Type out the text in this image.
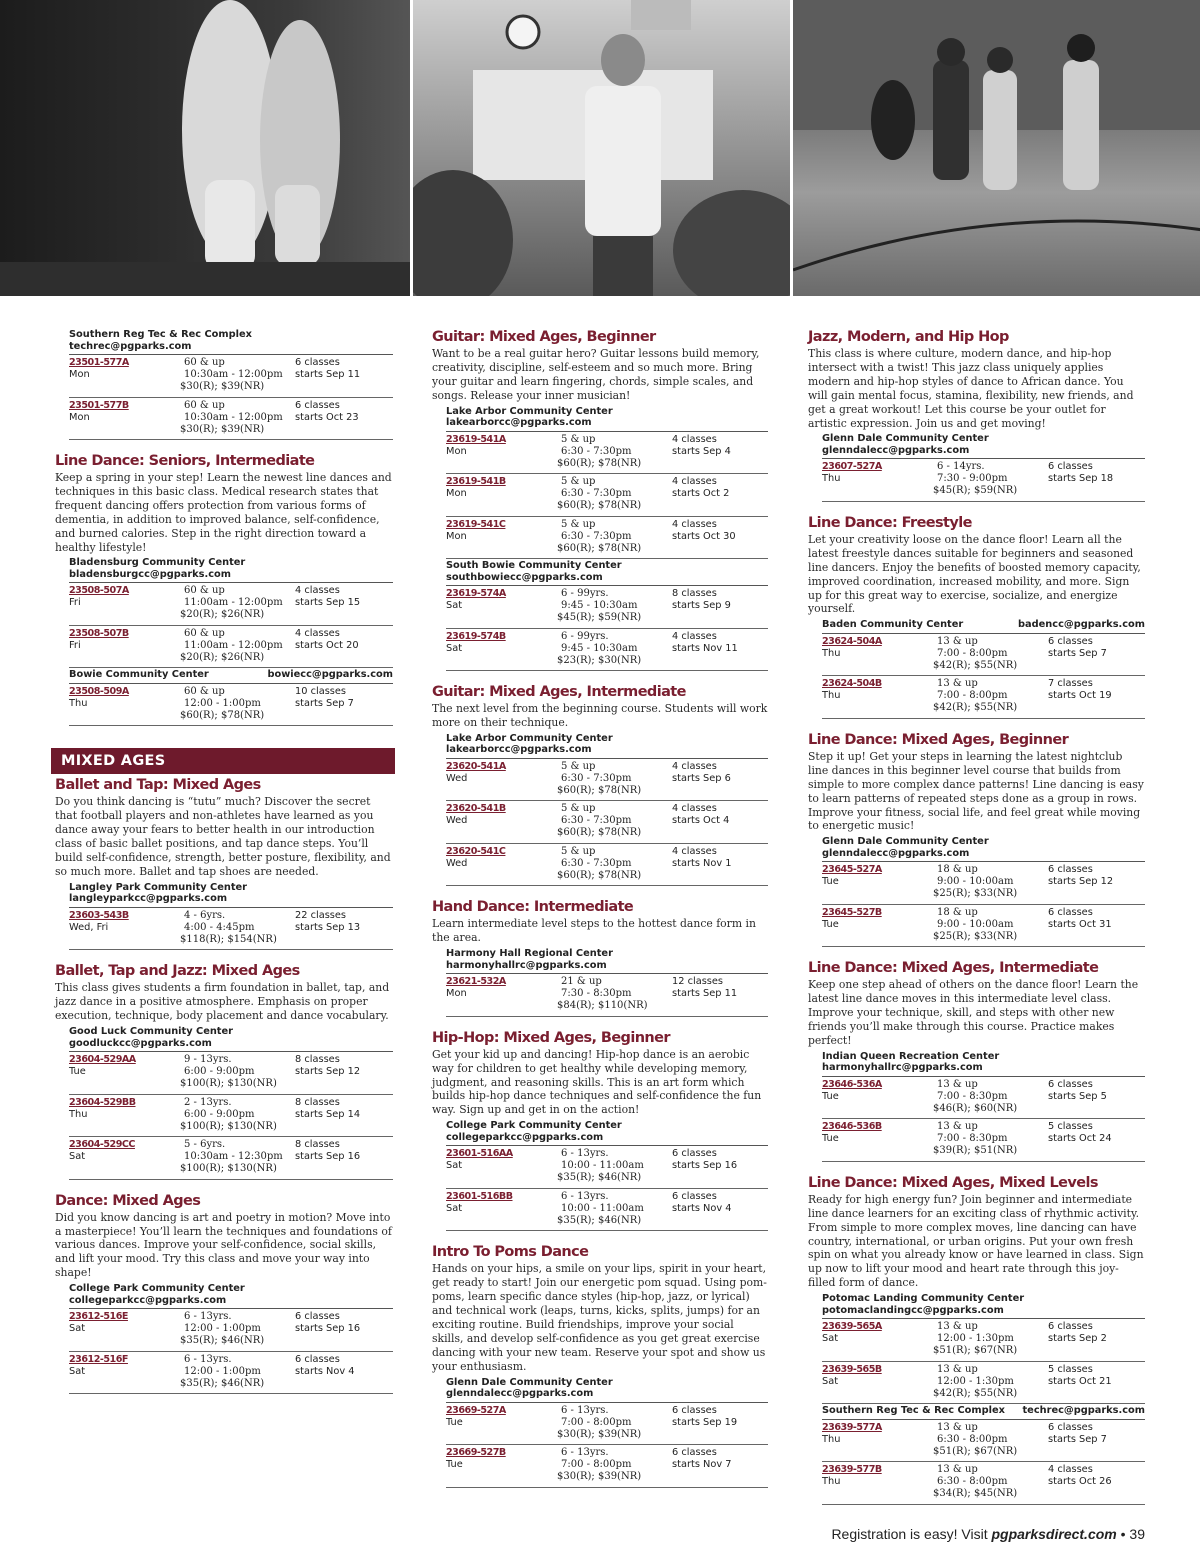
Southern Reg Tec & Rec Complex
techrec@pgparks.com
23501-577A
Mon
60 & up
10:30am - 12:00pm
$30(R); $39(NR)
6 classes
starts Sep 11
23501-577B
Mon
60 & up
10:30am - 12:00pm
$30(R); $39(NR)
6 classes
starts Oct 23
Line Dance: Seniors, Intermediate

Keep a spring in your step! Learn the newest line dances and techniques in this basic class. Medical research states that frequent dancing offers protection from various forms of dementia, in addition to improved balance, self-confidence, and burned calories. Step in the right direction toward a healthy lifestyle!

Bladensburg Community Center
bladensburgcc@pgparks.com
23508-507A
Fri
60 & up
11:00am - 12:00pm
$20(R); $26(NR)
4 classes
starts Sep 15
23508-507B
Fri
60 & up
11:00am - 12:00pm
$20(R); $26(NR)
4 classes
starts Oct 20
Bowie Community Center	bowiecc@pgparks.com
23508-509A
Thu
60 & up
12:00 - 1:00pm
$60(R); $78(NR)
10 classes
starts Sep 7
MIXED AGES
Ballet and Tap: Mixed Ages

Do you think dancing is “tutu” much? Discover the secret that football players and non-athletes have learned as you dance away your fears to better health in our introduction class of basic ballet positions, and tap dance steps. You’ll build self-confidence, strength, better posture, flexibility, and so much more. Ballet and tap shoes are needed.

Langley Park Community Center
langleyparkcc@pgparks.com
23603-543B
Wed, Fri
4 - 6yrs.
4:00 - 4:45pm
$118(R); $154(NR)
22 classes
starts Sep 13
Ballet, Tap and Jazz: Mixed Ages

This class gives students a firm foundation in ballet, tap, and jazz dance in a positive atmosphere. Emphasis on proper execution, technique, body placement and dance vocabulary.

Good Luck Community Center
goodluckcc@pgparks.com
23604-529AA
Tue
9 - 13yrs.
6:00 - 9:00pm
$100(R); $130(NR)
8 classes
starts Sep 12
23604-529BB
Thu
2 - 13yrs.
6:00 - 9:00pm
$100(R); $130(NR)
8 classes
starts Sep 14
23604-529CC
Sat
5 - 6yrs.
10:30am - 12:30pm
$100(R); $130(NR)
8 classes
starts Sep 16
Dance: Mixed Ages

Did you know dancing is art and poetry in motion? Move into a masterpiece! You’ll learn the techniques and foundations of various dances. Improve your self-confidence, social skills, and lift your mood. Try this class and move your way into shape!

College Park Community Center
collegeparkcc@pgparks.com
23612-516E
Sat
6 - 13yrs.
12:00 - 1:00pm
$35(R); $46(NR)
6 classes
starts Sep 16
23612-516F
Sat
6 - 13yrs.
12:00 - 1:00pm
$35(R); $46(NR)
6 classes
starts Nov 4
Guitar: Mixed Ages, Beginner

Want to be a real guitar hero? Guitar lessons build memory, creativity, discipline, self-esteem and so much more. Bring your guitar and learn fingering, chords, simple scales, and songs. Release your inner musician!

Lake Arbor Community Center
lakearborcc@pgparks.com
23619-541A
Mon
5 & up
6:30 - 7:30pm
$60(R); $78(NR)
4 classes
starts Sep 4
23619-541B
Mon
5 & up
6:30 - 7:30pm
$60(R); $78(NR)
4 classes
starts Oct 2
23619-541C
Mon
5 & up
6:30 - 7:30pm
$60(R); $78(NR)
4 classes
starts Oct 30
South Bowie Community Center
southbowiecc@pgparks.com
23619-574A
Sat
6 - 99yrs.
9:45 - 10:30am
$45(R); $59(NR)
8 classes
starts Sep 9
23619-574B
Sat
6 - 99yrs.
9:45 - 10:30am
$23(R); $30(NR)
4 classes
starts Nov 11
Guitar: Mixed Ages, Intermediate

The next level from the beginning course. Students will work more on their technique.

Lake Arbor Community Center
lakearborcc@pgparks.com
23620-541A
Wed
5 & up
6:30 - 7:30pm
$60(R); $78(NR)
4 classes
starts Sep 6
23620-541B
Wed
5 & up
6:30 - 7:30pm
$60(R); $78(NR)
4 classes
starts Oct 4
23620-541C
Wed
5 & up
6:30 - 7:30pm
$60(R); $78(NR)
4 classes
starts Nov 1
Hand Dance: Intermediate

Learn intermediate level steps to the hottest dance form in the area.

Harmony Hall Regional Center
harmonyhallrc@pgparks.com
23621-532A
Mon
21 & up
7:30 - 8:30pm
$84(R); $110(NR)
12 classes
starts Sep 11
Hip-Hop: Mixed Ages, Beginner

Get your kid up and dancing! Hip-hop dance is an aerobic way for children to get healthy while developing memory, judgment, and reasoning skills. This is an art form which builds hip-hop dance techniques and self-confidence the fun way. Sign up and get in on the action!

College Park Community Center
collegeparkcc@pgparks.com
23601-516AA
Sat
6 - 13yrs.
10:00 - 11:00am
$35(R); $46(NR)
6 classes
starts Sep 16
23601-516BB
Sat
6 - 13yrs.
10:00 - 11:00am
$35(R); $46(NR)
6 classes
starts Nov 4
Intro To Poms Dance

Hands on your hips, a smile on your lips, spirit in your heart, get ready to start! Join our energetic pom squad. Using pom-poms, learn specific dance styles (hip-hop, jazz, or lyrical) and technical work (leaps, turns, kicks, splits, jumps) for an exciting routine. Build friendships, improve your social skills, and develop self-confidence as you get great exercise dancing with your new team. Reserve your spot and show us your enthusiasm.

Glenn Dale Community Center
glenndalecc@pgparks.com
23669-527A
Tue
6 - 13yrs.
7:00 - 8:00pm
$30(R); $39(NR)
6 classes
starts Sep 19
23669-527B
Tue
6 - 13yrs.
7:00 - 8:00pm
$30(R); $39(NR)
6 classes
starts Nov 7
Jazz, Modern, and Hip Hop

This class is where culture, modern dance, and hip-hop intersect with a twist! This jazz class uniquely applies modern and hip-hop styles of dance to African dance. You will gain mental focus, stamina, flexibility, new friends, and get a great workout! Let this course be your outlet for artistic expression. Join us and get moving!

Glenn Dale Community Center
glenndalecc@pgparks.com
23607-527A
Thu
6 - 14yrs.
7:30 - 9:00pm
$45(R); $59(NR)
6 classes
starts Sep 18
Line Dance: Freestyle

Let your creativity loose on the dance floor! Learn all the latest freestyle dances suitable for beginners and seasoned line dancers. Enjoy the benefits of boosted memory capacity, improved coordination, increased mobility, and more. Sign up for this great way to exercise, socialize, and energize yourself.

Baden Community Center	badencc@pgparks.com
23624-504A
Thu
13 & up
7:00 - 8:00pm
$42(R); $55(NR)
6 classes
starts Sep 7
23624-504B
Thu
13 & up
7:00 - 8:00pm
$42(R); $55(NR)
7 classes
starts Oct 19
Line Dance: Mixed Ages, Beginner

Step it up! Get your steps in learning the latest nightclub line dances in this beginner level course that builds from simple to more complex dance patterns! Line dancing is easy to learn patterns of repeated steps done as a group in rows. Improve your fitness, social life, and feel great while moving to energetic music!

Glenn Dale Community Center
glenndalecc@pgparks.com
23645-527A
Tue
18 & up
9:00 - 10:00am
$25(R); $33(NR)
6 classes
starts Sep 12
23645-527B
Tue
18 & up
9:00 - 10:00am
$25(R); $33(NR)
6 classes
starts Oct 31
Line Dance: Mixed Ages, Intermediate

Keep one step ahead of others on the dance floor! Learn the latest line dance moves in this intermediate level class. Improve your technique, skill, and steps with other new friends you’ll make through this course. Practice makes perfect!

Indian Queen Recreation Center
harmonyhallrc@pgparks.com
23646-536A
Tue
13 & up
7:00 - 8:30pm
$46(R); $60(NR)
6 classes
starts Sep 5
23646-536B
Tue
13 & up
7:00 - 8:30pm
$39(R); $51(NR)
5 classes
starts Oct 24
Line Dance: Mixed Ages, Mixed Levels

Ready for high energy fun? Join beginner and intermediate line dance learners for an exciting class of rhythmic activity. From simple to more complex moves, line dancing can have country, international, or urban origins. Put your own fresh spin on what you already know or have learned in class. Sign up now to lift your mood and heart rate through this joy-filled form of dance.

Potomac Landing Community Center
potomaclandingcc@pgparks.com
23639-565A
Sat
13 & up
12:00 - 1:30pm
$51(R); $67(NR)
6 classes
starts Sep 2
23639-565B
Sat
13 & up
12:00 - 1:30pm
$42(R); $55(NR)
5 classes
starts Oct 21
Southern Reg Tec & Rec Complex techrec@pgparks.com
23639-577A
Thu
13 & up
6:30 - 8:00pm
$51(R); $67(NR)
6 classes
starts Sep 7
23639-577B
Thu
13 & up
6:30 - 8:00pm
$34(R); $45(NR)
4 classes
starts Oct 26
Registration is easy! Visit pgparksdirect.com • 39
